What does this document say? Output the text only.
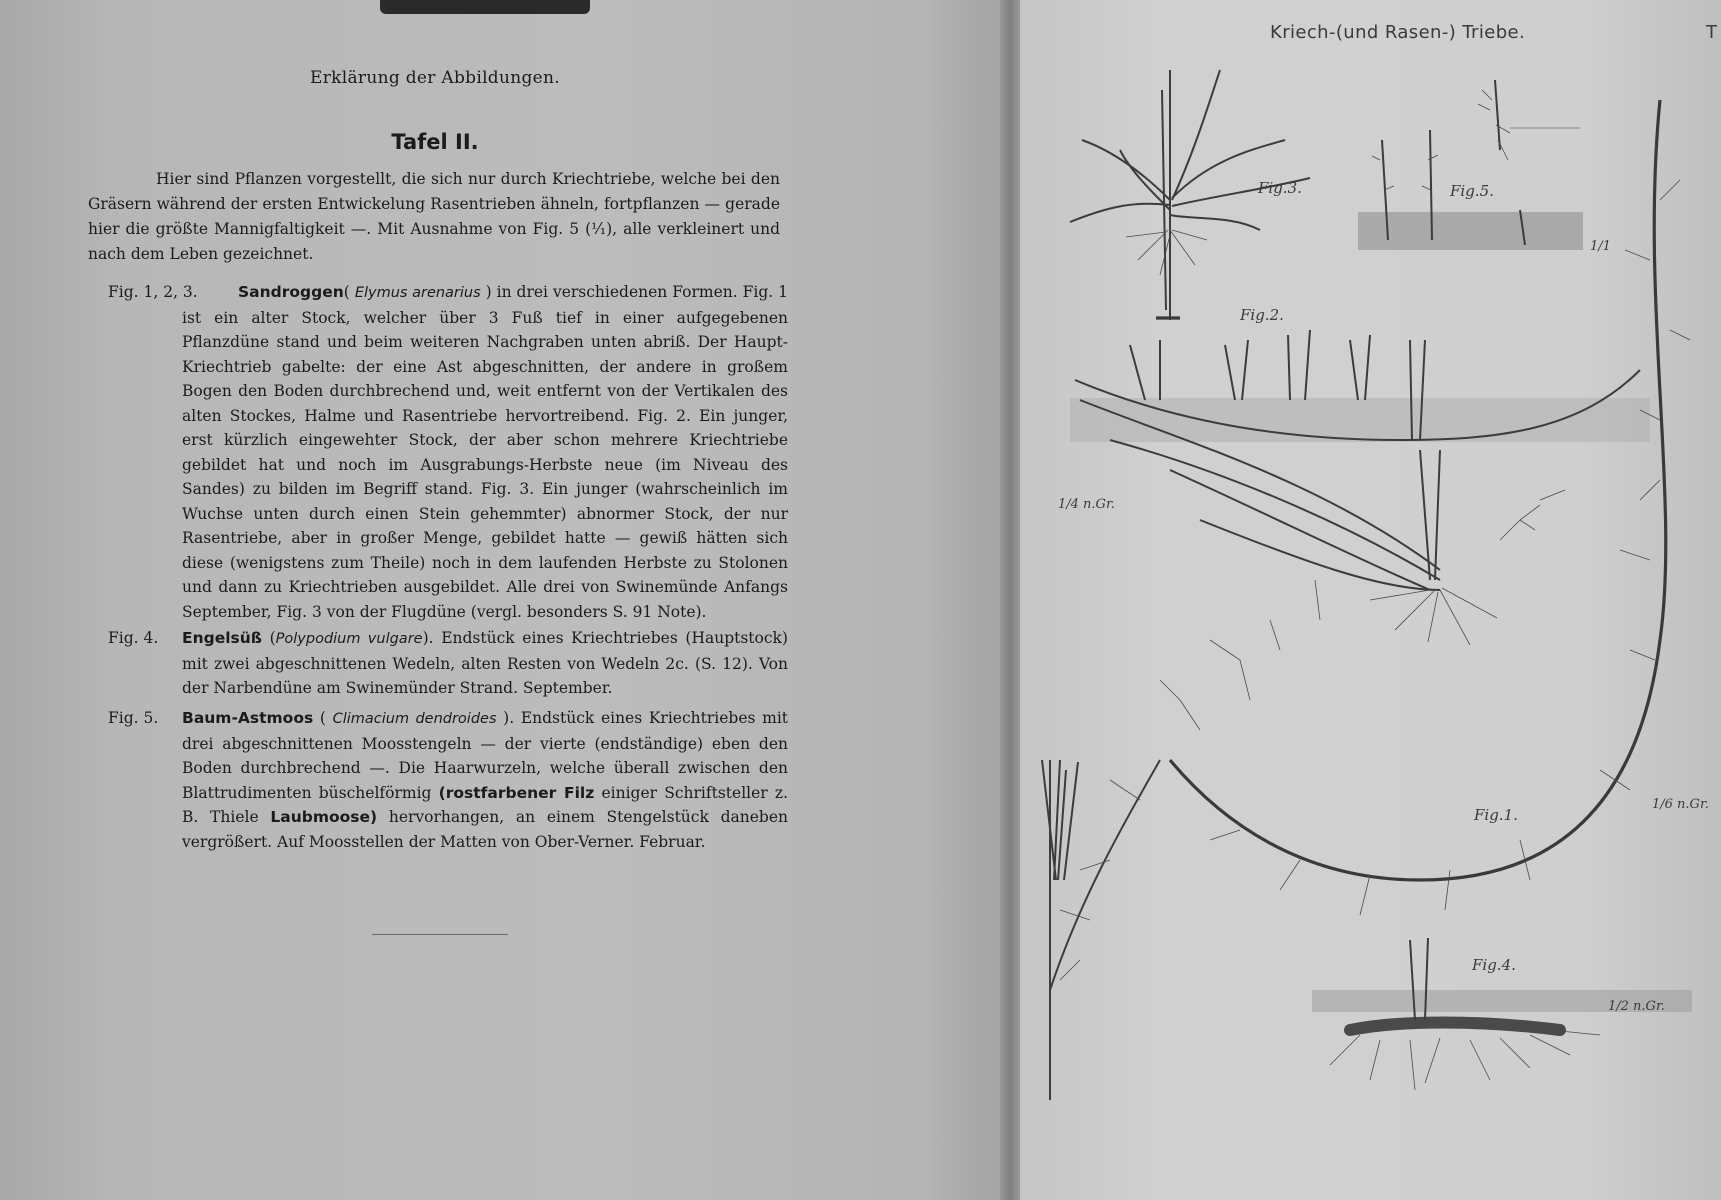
Erklärung der Abbildungen.
Tafel II.

Hier sind Pflanzen vorgestellt, die sich nur durch Kriechtriebe, welche bei den Gräsern während der ersten Entwickelung Rasentrieben ähneln, fortpflanzen — gerade hier die größte Mannigfaltigkeit —. Mit Ausnahme von Fig. 5 (⅟₁), alle verkleinert und nach dem Leben gezeichnet.

Fig. 1, 2, 3.	Sandroggen( Elymus arenarius ) in drei verschiedenen Formen. Fig. 1 ist ein alter Stock, welcher über 3 Fuß tief in einer aufgegebenen Pflanzdüne stand und beim weiteren Nachgraben unten abriß. Der Haupt-Kriechtrieb gabelte: der eine Ast abgeschnitten, der andere in großem Bogen den Boden durchbrechend und, weit entfernt von der Vertikalen des alten Stockes, Halme und Rasentriebe hervortreibend. Fig. 2. Ein junger, erst kürzlich eingewehter Stock, der aber schon mehrere Kriechtriebe gebildet hat und noch im Ausgrabungs-Herbste neue (im Niveau des Sandes) zu bilden im Begriff stand. Fig. 3. Ein junger (wahrscheinlich im Wuchse unten durch einen Stein gehemmter) abnormer Stock, der nur Rasentriebe, aber in großer Menge, gebildet hatte — gewiß hätten sich diese (wenigstens zum Theile) noch in dem laufenden Herbste zu Stolonen und dann zu Kriechtrieben ausgebildet. Alle drei von Swinemünde Anfangs September, Fig. 3 von der Flugdüne (vergl. besonders S. 91 Note).
Fig. 4. Engelsüß (Polypodium vulgare). Endstück eines Kriechtriebes (Hauptstock) mit zwei abgeschnittenen Wedeln, alten Resten von Wedeln 2c. (S. 12). Von der Narbendüne am Swinemünder Strand. September.
Fig. 5. Baum-Astmoos ( Climacium dendroides ). Endstück eines Kriechtriebes mit drei abgeschnittenen Moosstengeln — der vierte (endständige) eben den Boden durchbrechend —. Die Haarwurzeln, welche überall zwischen den Blattrudimenten büschelförmig (rostfarbener Filz einiger Schriftsteller z. B. Thiele Laubmoose) hervorhangen, an einem Stengelstück daneben vergrößert. Auf Moosstellen der Matten von Ober-Verner. Februar.
Kriech-(und Rasen-) Triebe.	T
Fig.3.	Fig.5.
1/1
Fig.2.
1/4 n.Gr.
Fig.1.
1/6 n.Gr.
Fig.4.
1/2 n.Gr.
